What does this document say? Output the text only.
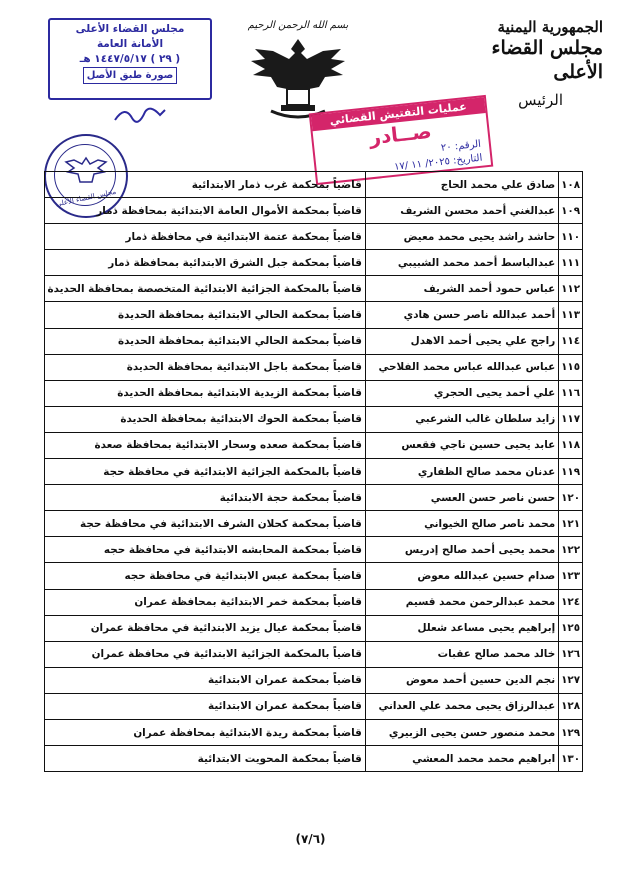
الجمهورية اليمنية
مجلس القضاء الأعلى
الرئيس
بسم الله الرحمن الرحيم
مجلس القضاء الأعلى
الأمانة العامة
( ٢٩ ) ١٤٤٧/٥/١٧ هـ
صورة طبق الأصل
مجلس القضاء الأعلى
عمليات التفتيش القضائي
صــادر الرقم: ٢٠
التاريخ: ٢٠٢٥/ ١١ /١٧
١٠٨	صادق علي محمد الحاج	قاضياً بمحكمة غرب ذمار الابتدائية
١٠٩	عبدالغني أحمد محسن الشريف	قاضياً بمحكمة الأموال العامة الابتدائية بمحافظة ذمار
١١٠	حاشد راشد يحيى محمد معيض	قاضياً بمحكمة عتمة الابتدائية في محافظة ذمار
١١١	عبدالباسط أحمد محمد الشبيبي	قاضياً بمحكمة جبل الشرق الابتدائية بمحافظة ذمار
١١٢	عباس حمود أحمد الشريف	قاضياً بالمحكمة الجزائية الابتدائية المتخصصة بمحافظة الحديدة
١١٣	أحمد عبدالله ناصر حسن هادي	قاضياً بمحكمة الحالي الابتدائية بمحافظة الحديدة
١١٤	راجح علي يحيى أحمد الاهدل	قاضياً بمحكمة الحالي الابتدائية بمحافظة الحديدة
١١٥	عباس عبدالله عباس محمد الفلاحي	قاضياً بمحكمة باجل الابتدائية بمحافظة الحديدة
١١٦	علي أحمد يحيى الحجري	قاضياً بمحكمة الزيدية الابتدائية بمحافظة الحديدة
١١٧	زايد سلطان غالب الشرعبي	قاضياً بمحكمة الحوك الابتدائية بمحافظة الحديدة
١١٨	عابد يحيى حسين ناجي فقعس	قاضياً بمحكمة صعده وسحار الابتدائية بمحافظة صعدة
١١٩	عدنان محمد صالح الظفاري	قاضياً بالمحكمة الجزائية الابتدائية في محافظة حجة
١٢٠	حسن ناصر حسن العسي	قاضياً بمحكمة حجة الابتدائية
١٢١	محمد ناصر صالح الخيواني	قاضياً بمحكمة كحلان الشرف الابتدائية في محافظة حجة
١٢٢	محمد يحيى أحمد صالح إدريس	قاضياً بمحكمة المحابشه الابتدائية في محافظة حجه
١٢٣	صدام حسين عبدالله معوض	قاضياً بمحكمة عبس الابتدائية في محافظة حجه
١٢٤	محمد عبدالرحمن محمد قسيم	قاضياً بمحكمة خمر الابتدائية بمحافظة عمران
١٢٥	إبراهيم يحيى مساعد شعلل	قاضياً بمحكمة عيال يزيد الابتدائية في محافظة عمران
١٢٦	خالد محمد صالح عقبات	قاضياً بالمحكمة الجزائية الابتدائية في محافظة عمران
١٢٧	نجم الدين حسين أحمد معوض	قاضياً بمحكمة عمران الابتدائية
١٢٨	عبدالرزاق يحيى محمد علي العداني	قاضياً بمحكمة عمران الابتدائية
١٢٩	محمد منصور حسن يحيى الزبيري	قاضياً بمحكمة ريدة الابتدائية بمحافظة عمران
١٣٠	ابراهيم محمد محمد المعشي	قاضياً بمحكمة المحويت الابتدائية
(٧/٦)
